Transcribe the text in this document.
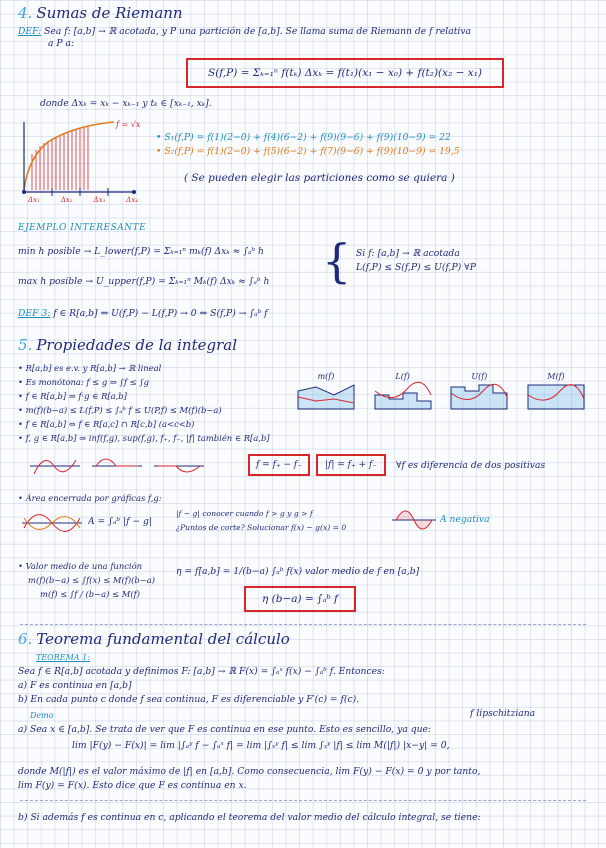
4. Sumas de Riemann
DEF: Sea f: [a,b] → ℝ acotada, y P una partición de [a,b]. Se llama suma de Riemann de f relativa
a P a:
S(f,P) = Σₖ₌₁ⁿ f(tₖ) Δxₖ = f(t₁)(x₁ − x₀) + f(t₂)(x₂ − x₁)
donde Δxₖ = xₖ − xₖ₋₁ y tₖ ∈ [xₖ₋₁, xₖ].
f = √x
Δx₁	Δx₂	Δx₃	Δx₄
• S₁(f,P) = f(1)(2−0) + f(4)(6−2) + f(9)(9−6) + f(9)(10−9) = 22
• S₂(f,P) = f(1)(2−0) + f(5)(6−2) + f(7)(9−6) + f(9)(10−9) = 19,5
( Se pueden elegir las particiones como se quiera )
EJEMPLO INTERESANTE
min h posible → L_lower(f,P) = Σₖ₌₁ⁿ mₖ(f) Δxₖ ≈ ∫ₐᵇ h
max h posible → U_upper(f,P) = Σₖ₌₁ⁿ Mₖ(f) Δxₖ ≈ ∫ₐᵇ h	{ Si f: [a,b] → ℝ acotada
L(f,P) ≤ S(f,P) ≤ U(f,P) ∀P
DEF 3: f ∈ R[a,b] ⇔ U(f,P) − L(f,P) → 0 ⇔ S(f,P) → ∫ₐᵇ f
5. Propiedades de la integral
• R[a,b] es e.v. y R[a,b] → ℝ lineal
• Es monótona: f ≤ g ⇒ ∫f ≤ ∫g
• f ∈ R[a,b] ⇒ f·g ∈ R[a,b]
• m(f)(b−a) ≤ L(f,P) ≤ ∫ₐᵇ f ≤ U(P,f) ≤ M(f)(b−a)
• f ∈ R[a,b] ⇔ f ∈ R[a,c] ∩ R[c,b] (a<c<b)
• f, g ∈ R[a,b] ⇒ inf(f,g), sup(f,g), f₊, f₋, |f| también ∈ R[a,b]
m(f)	L(f)	U(f)	M(f)
f = f₊ − f₋	|f| = f₊ + f₋	∀f es diferencia de dos positivas
• Área encerrada por gráficas f,g:
A = ∫ₐᵇ |f − g|
|f − g| conocer cuando f > g y g > f
¿Puntos de corte? Solucionar f(x) − g(x) = 0
A negativa
• Valor medio de una función
m(f)(b−a) ≤ ∫f(x) ≤ M(f)(b−a)
m(f) ≤ ∫f / (b−a) ≤ M(f)
η = f̄[a,b] = 1/(b−a) ∫ₐᵇ f(x) valor medio de f en [a,b]
η (b−a) = ∫ₐᵇ f
6. Teorema fundamental del cálculo
TEOREMA 1:
Sea f ∈ R[a,b] acotada y definimos F: [a,b] → ℝ F(x) = ∫ₐˣ f(x) − ∫ₐᵇ f. Entonces:
a) F es continua en [a,b]
b) En cada punto c donde f sea continua, F es diferenciable y F′(c) = f(c).
Demo	f lipschitziana
a) Sea x ∈ [a,b]. Se trata de ver que F es continua en ese punto. Esto es sencillo, ya que:
lim |F(y) − F(x)| = lim |∫ₐʸ f − ∫ₐˣ f| = lim |∫ₓʸ f| ≤ lim ∫ₓʸ |f| ≤ lim M(|f|) |x−y| = 0,
donde M(|f|) es el valor máximo de |f| en [a,b]. Como consecuencia, lim F(y) − F(x) = 0 y por tanto,
lim F(y) = F(x). Esto dice que F es continua en x.
b) Si además f es continua en c, aplicando el teorema del valor medio del cálculo integral, se tiene:
